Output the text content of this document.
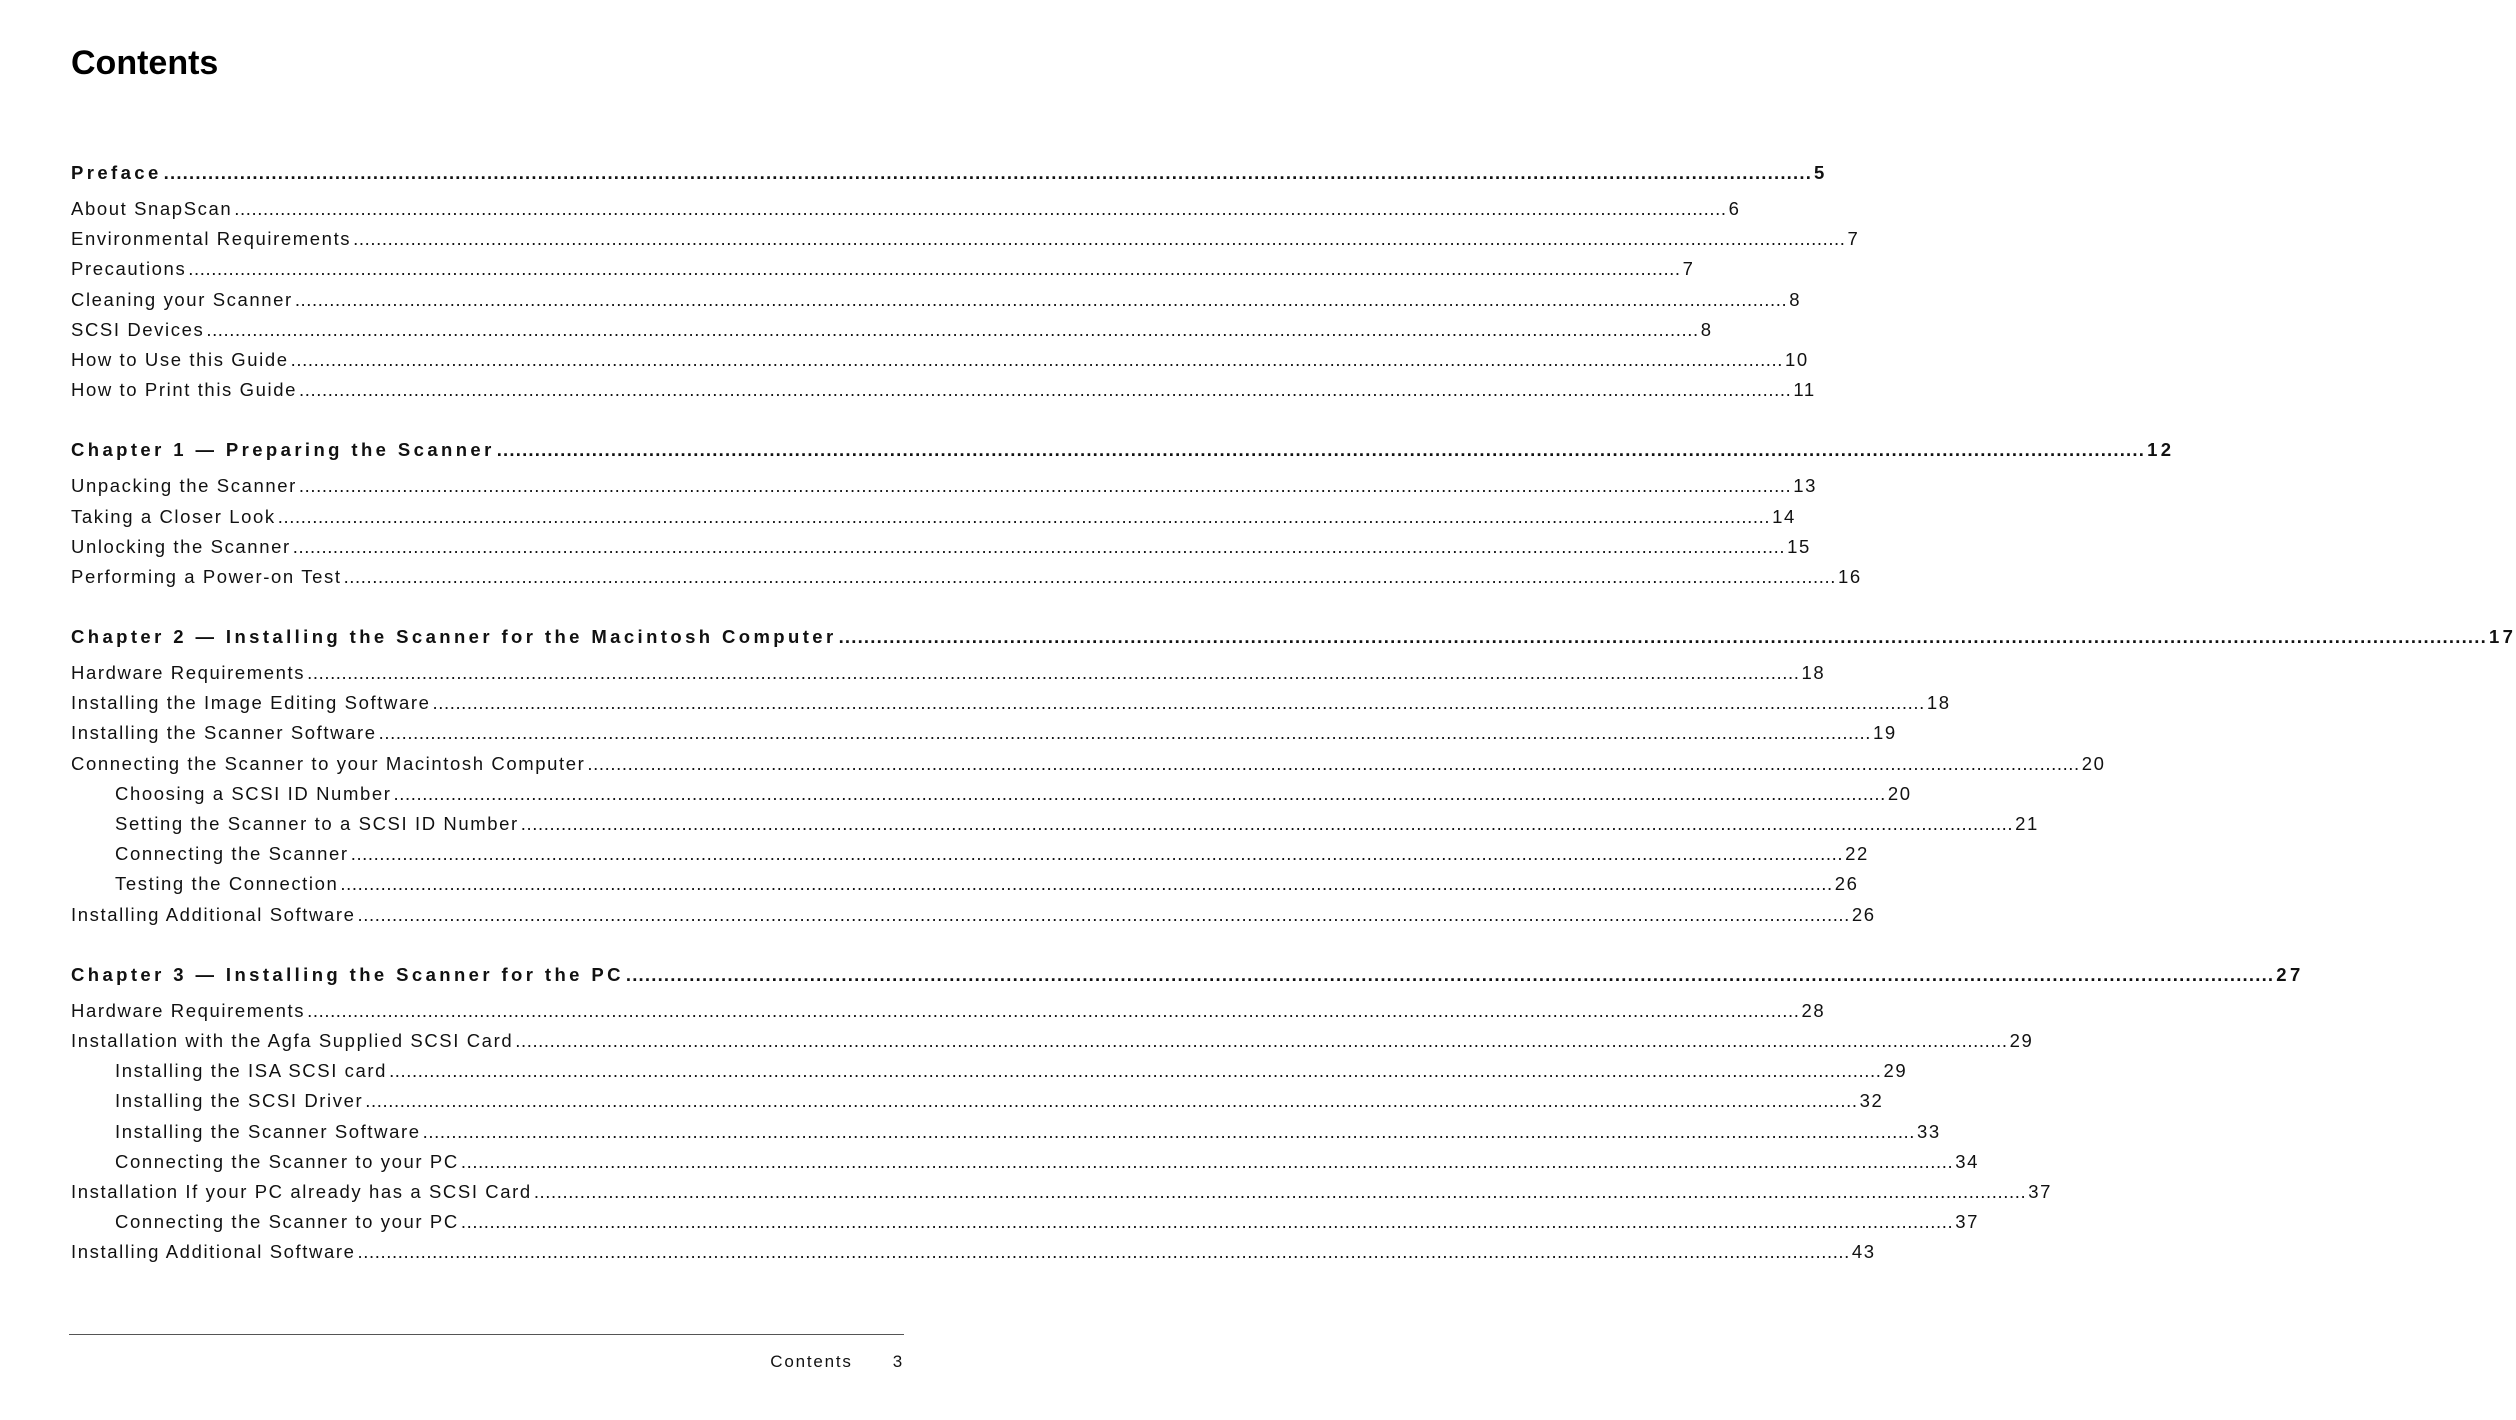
Contents
Preface .................................................................................................................................................................................................................................................................... 5
About SnapScan .................................................................................................................................................................................................................................................................... 6
Environmental Requirements .................................................................................................................................................................................................................................................................... 7
Precautions .................................................................................................................................................................................................................................................................... 7
Cleaning your Scanner .................................................................................................................................................................................................................................................................... 8
SCSI Devices .................................................................................................................................................................................................................................................................... 8
How to Use this Guide .................................................................................................................................................................................................................................................................... 10
How to Print this Guide .................................................................................................................................................................................................................................................................... 11
Chapter 1 — Preparing the Scanner .................................................................................................................................................................................................................................................................... 12
Unpacking the Scanner .................................................................................................................................................................................................................................................................... 13
Taking a Closer Look .................................................................................................................................................................................................................................................................... 14
Unlocking the Scanner .................................................................................................................................................................................................................................................................... 15
Performing a Power-on Test .................................................................................................................................................................................................................................................................... 16
Chapter 2 — Installing the Scanner for the Macintosh Computer .................................................................................................................................................................................................................................................................... 17
Hardware Requirements .................................................................................................................................................................................................................................................................... 18
Installing the Image Editing Software .................................................................................................................................................................................................................................................................... 18
Installing the Scanner Software .................................................................................................................................................................................................................................................................... 19
Connecting the Scanner to your Macintosh Computer .................................................................................................................................................................................................................................................................... 20
Choosing a SCSI ID Number .................................................................................................................................................................................................................................................................... 20
Setting the Scanner to a SCSI ID Number .................................................................................................................................................................................................................................................................... 21
Connecting the Scanner .................................................................................................................................................................................................................................................................... 22
Testing the Connection .................................................................................................................................................................................................................................................................... 26
Installing Additional Software .................................................................................................................................................................................................................................................................... 26
Chapter 3 — Installing the Scanner for the PC .................................................................................................................................................................................................................................................................... 27
Hardware Requirements .................................................................................................................................................................................................................................................................... 28
Installation with the Agfa Supplied SCSI Card .................................................................................................................................................................................................................................................................... 29
Installing the ISA SCSI card .................................................................................................................................................................................................................................................................... 29
Installing the SCSI Driver .................................................................................................................................................................................................................................................................... 32
Installing the Scanner Software .................................................................................................................................................................................................................................................................... 33
Connecting the Scanner to your PC .................................................................................................................................................................................................................................................................... 34
Installation If your PC already has a SCSI Card .................................................................................................................................................................................................................................................................... 37
Connecting the Scanner to your PC .................................................................................................................................................................................................................................................................... 37
Installing Additional Software .................................................................................................................................................................................................................................................................... 43
Contents 3
